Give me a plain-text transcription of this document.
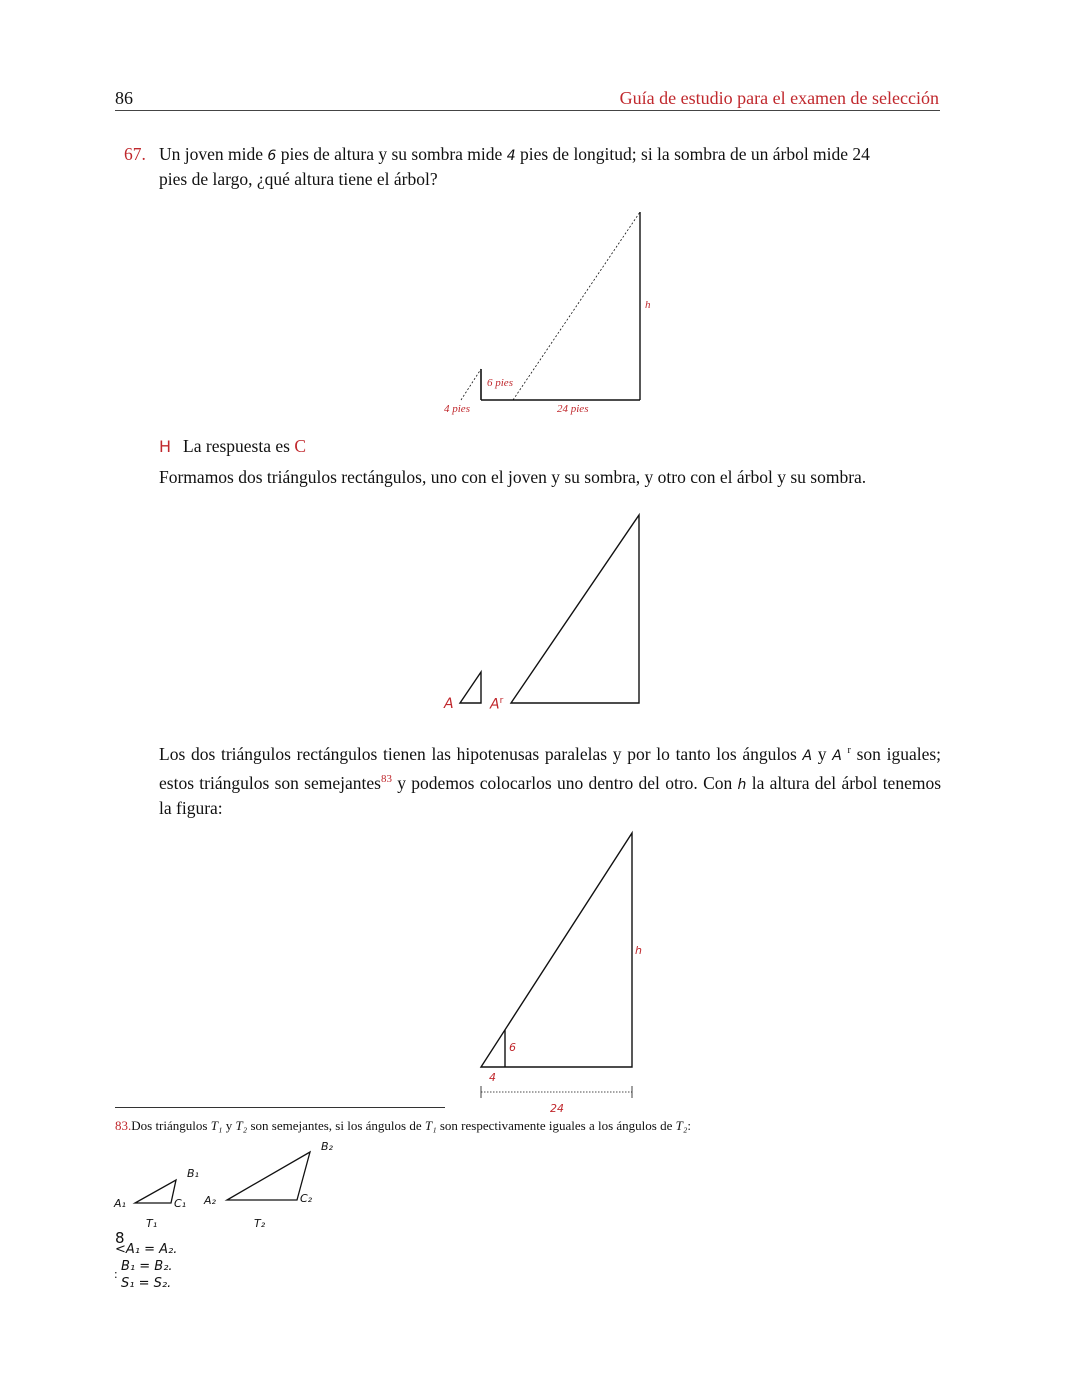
86	Guía de estudio para el examen de selección
67. Un joven mide 6 pies de altura y su sombra mide 4 pies de longitud; si la sombra de un árbol mide 24
pies de largo, ¿qué altura tiene el árbol?
h
6 pies
4 pies	24 pies
H La respuesta es C
Formamos dos triángulos rectángulos, uno con el joven y su sombra, y otro con el árbol y su sombra.
A	$A^r$
Los dos triángulos rectángulos tienen las hipotenusas paralelas y por lo tanto los ángulos A y A $^r$ son iguales; estos triángulos son semejantes$^{83}$ y podemos colocarlos uno dentro del otro. Con h la altura del árbol tenemos la figura:
h
6
4
24
83.Dos triángulos T₁ y T₂ son semejantes, si los ángulos de T₁ son respectivamente iguales a los ángulos de T₂:
B₂
B₁
A₁	C₁ A₂	C₂
T₁	T₂
8
<A₁ = A₂.
B₁ = B₂.
:
S₁ = S₂.
